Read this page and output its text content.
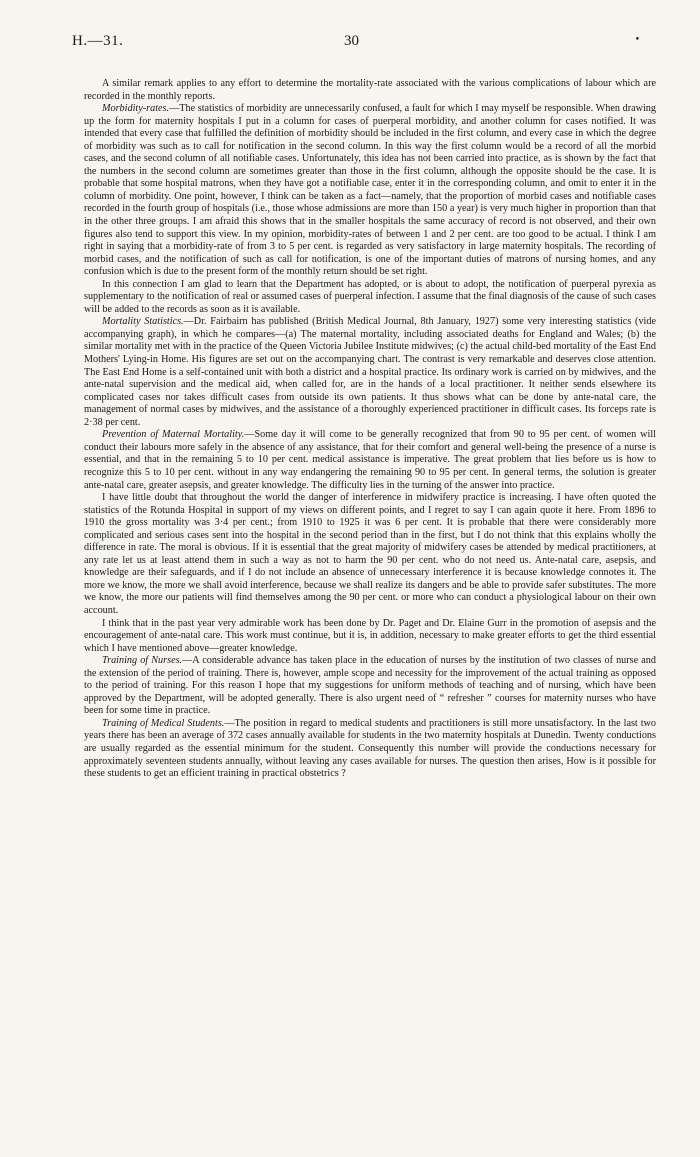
H.—31.	30	•

A similar remark applies to any effort to determine the mortality-rate associated with the various complications of labour which are recorded in the monthly reports.

Morbidity-rates.—The statistics of morbidity are unnecessarily confused, a fault for which I may myself be responsible. When drawing up the form for maternity hospitals I put in a column for cases of puerperal morbidity, and another column for cases notified. It was intended that every case that fulfilled the definition of morbidity should be included in the first column, and every case in which the degree of morbidity was such as to call for notification in the second column. In this way the first column would be a record of all the morbid cases, and the second column of all notifiable cases. Unfortunately, this idea has not been carried into practice, as is shown by the fact that the numbers in the second column are sometimes greater than those in the first column, although the opposite should be the case. It is probable that some hospital matrons, when they have got a notifiable case, enter it in the corresponding column, and omit to enter it in the column of morbidity. One point, however, I think can be taken as a fact—namely, that the proportion of morbid cases and notifiable cases recorded in the fourth group of hospitals (i.e., those whose admissions are more than 150 a year) is very much higher in proportion than that in the other three groups. I am afraid this shows that in the smaller hospitals the same accuracy of record is not observed, and their own figures also tend to support this view. In my opinion, morbidity-rates of between 1 and 2 per cent. are too good to be actual. I think I am right in saying that a morbidity-rate of from 3 to 5 per cent. is regarded as very satisfactory in large maternity hospitals. The recording of morbid cases, and the notification of such as call for notification, is one of the important duties of matrons of nursing homes, and any confusion which is due to the present form of the monthly return should be set right.

In this connection I am glad to learn that the Department has adopted, or is about to adopt, the notification of puerperal pyrexia as supplementary to the notification of real or assumed cases of puerperal infection. I assume that the final diagnosis of the cause of such cases will be added to the records as soon as it is available.

Mortality Statistics.—Dr. Fairbairn has published (British Medical Journal, 8th January, 1927) some very interesting statistics (vide accompanying graph), in which he compares—(a) The maternal mortality, including associated deaths for England and Wales; (b) the similar mortality met with in the practice of the Queen Victoria Jubilee Institute midwives; (c) the actual child-bed mortality of the East End Mothers' Lying-in Home. His figures are set out on the accompanying chart. The contrast is very remarkable and deserves close attention. The East End Home is a self-contained unit with both a district and a hospital practice. Its ordinary work is carried on by midwives, and the ante-natal supervision and the medical aid, when called for, are in the hands of a local practitioner. It neither sends elsewhere its complicated cases nor takes difficult cases from outside its own patients. It thus shows what can be done by ante-natal care, the management of normal cases by midwives, and the assistance of a thoroughly experienced practitioner in difficult cases. Its forceps rate is 2·38 per cent.

Prevention of Maternal Mortality.—Some day it will come to be generally recognized that from 90 to 95 per cent. of women will conduct their labours more safely in the absence of any assistance, that for their comfort and general well-being the presence of a nurse is essential, and that in the remaining 5 to 10 per cent. medical assistance is imperative. The great problem that lies before us is how to recognize this 5 to 10 per cent. without in any way endangering the remaining 90 to 95 per cent. In general terms, the solution is greater ante-natal care, greater asepsis, and greater knowledge. The difficulty lies in the turning of the answer into practice.

I have little doubt that throughout the world the danger of interference in midwifery practice is increasing. I have often quoted the statistics of the Rotunda Hospital in support of my views on different points, and I regret to say I can again quote it here. From 1896 to 1910 the gross mortality was 3·4 per cent.; from 1910 to 1925 it was 6 per cent. It is probable that there were considerably more complicated and serious cases sent into the hospital in the second period than in the first, but I do not think that this explains wholly the difference in rate. The moral is obvious. If it is essential that the great majority of midwifery cases be attended by medical practitioners, at any rate let us at least attend them in such a way as not to harm the 90 per cent. who do not need us. Ante-natal care, asepsis, and knowledge are their safeguards, and if I do not include an absence of unnecessary interference it is because knowledge connotes it. The more we know, the more we shall avoid interference, because we shall realize its dangers and be able to provide safer substitutes. The more we know, the more our patients will find themselves among the 90 per cent. or more who can conduct a physiological labour on their own account.

I think that in the past year very admirable work has been done by Dr. Paget and Dr. Elaine Gurr in the promotion of asepsis and the encouragement of ante-natal care. This work must continue, but it is, in addition, necessary to make greater efforts to get the third essential which I have mentioned above—greater knowledge.

Training of Nurses.—A considerable advance has taken place in the education of nurses by the institution of two classes of nurse and the extension of the period of training. There is, however, ample scope and necessity for the improvement of the actual training as opposed to the period of training. For this reason I hope that my suggestions for uniform methods of teaching and of nursing, which have been approved by the Department, will be adopted generally. There is also urgent need of “ refresher ” courses for maternity nurses who have been for some time in practice.

Training of Medical Students.—The position in regard to medical students and practitioners is still more unsatisfactory. In the last two years there has been an average of 372 cases annually available for students in the two maternity hospitals at Dunedin. Twenty conductions are usually regarded as the essential minimum for the student. Consequently this number will provide the conductions necessary for approximately seventeen students annually, without leaving any cases available for nurses. The question then arises, How is it possible for these students to get an efficient training in practical obstetrics ?
